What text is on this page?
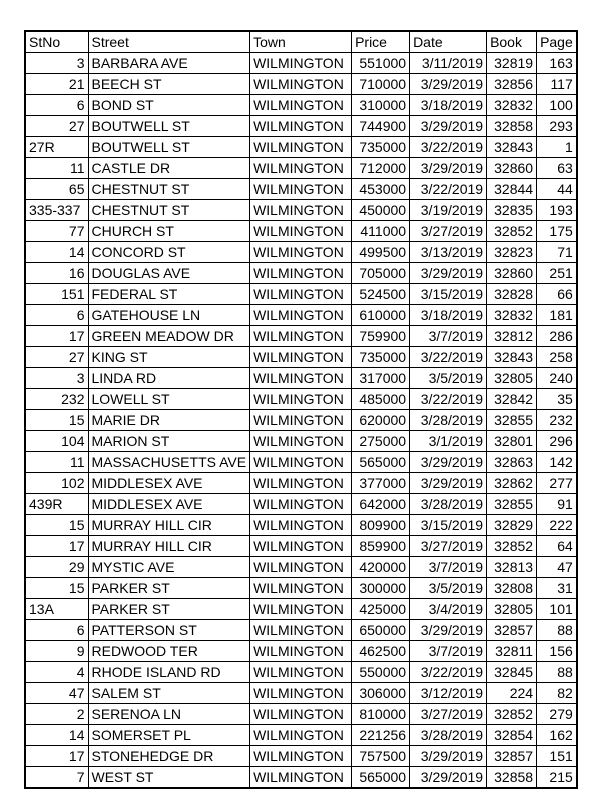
StNo	Street	Town	Price	Date	Book	Page
3	BARBARA AVE	WILMINGTON	551000	3/11/2019	32819	163
21	BEECH ST	WILMINGTON	710000	3/29/2019	32856	117
6	BOND ST	WILMINGTON	310000	3/18/2019	32832	100
27	BOUTWELL ST	WILMINGTON	744900	3/29/2019	32858	293
27R	BOUTWELL ST	WILMINGTON	735000	3/22/2019	32843	1
11	CASTLE DR	WILMINGTON	712000	3/29/2019	32860	63
65	CHESTNUT ST	WILMINGTON	453000	3/22/2019	32844	44
335-337	CHESTNUT ST	WILMINGTON	450000	3/19/2019	32835	193
77	CHURCH ST	WILMINGTON	411000	3/27/2019	32852	175
14	CONCORD ST	WILMINGTON	499500	3/13/2019	32823	71
16	DOUGLAS AVE	WILMINGTON	705000	3/29/2019	32860	251
151	FEDERAL ST	WILMINGTON	524500	3/15/2019	32828	66
6	GATEHOUSE LN	WILMINGTON	610000	3/18/2019	32832	181
17	GREEN MEADOW DR	WILMINGTON	759900	3/7/2019	32812	286
27	KING ST	WILMINGTON	735000	3/22/2019	32843	258
3	LINDA RD	WILMINGTON	317000	3/5/2019	32805	240
232	LOWELL ST	WILMINGTON	485000	3/22/2019	32842	35
15	MARIE DR	WILMINGTON	620000	3/28/2019	32855	232
104	MARION ST	WILMINGTON	275000	3/1/2019	32801	296
11	MASSACHUSETTS AVE	WILMINGTON	565000	3/29/2019	32863	142
102	MIDDLESEX AVE	WILMINGTON	377000	3/29/2019	32862	277
439R	MIDDLESEX AVE	WILMINGTON	642000	3/28/2019	32855	91
15	MURRAY HILL CIR	WILMINGTON	809900	3/15/2019	32829	222
17	MURRAY HILL CIR	WILMINGTON	859900	3/27/2019	32852	64
29	MYSTIC AVE	WILMINGTON	420000	3/7/2019	32813	47
15	PARKER ST	WILMINGTON	300000	3/5/2019	32808	31
13A	PARKER ST	WILMINGTON	425000	3/4/2019	32805	101
6	PATTERSON ST	WILMINGTON	650000	3/29/2019	32857	88
9	REDWOOD TER	WILMINGTON	462500	3/7/2019	32811	156
4	RHODE ISLAND RD	WILMINGTON	550000	3/22/2019	32845	88
47	SALEM ST	WILMINGTON	306000	3/12/2019	224	82
2	SERENOA LN	WILMINGTON	810000	3/27/2019	32852	279
14	SOMERSET PL	WILMINGTON	221256	3/28/2019	32854	162
17	STONEHEDGE DR	WILMINGTON	757500	3/29/2019	32857	151
7	WEST ST	WILMINGTON	565000	3/29/2019	32858	215
